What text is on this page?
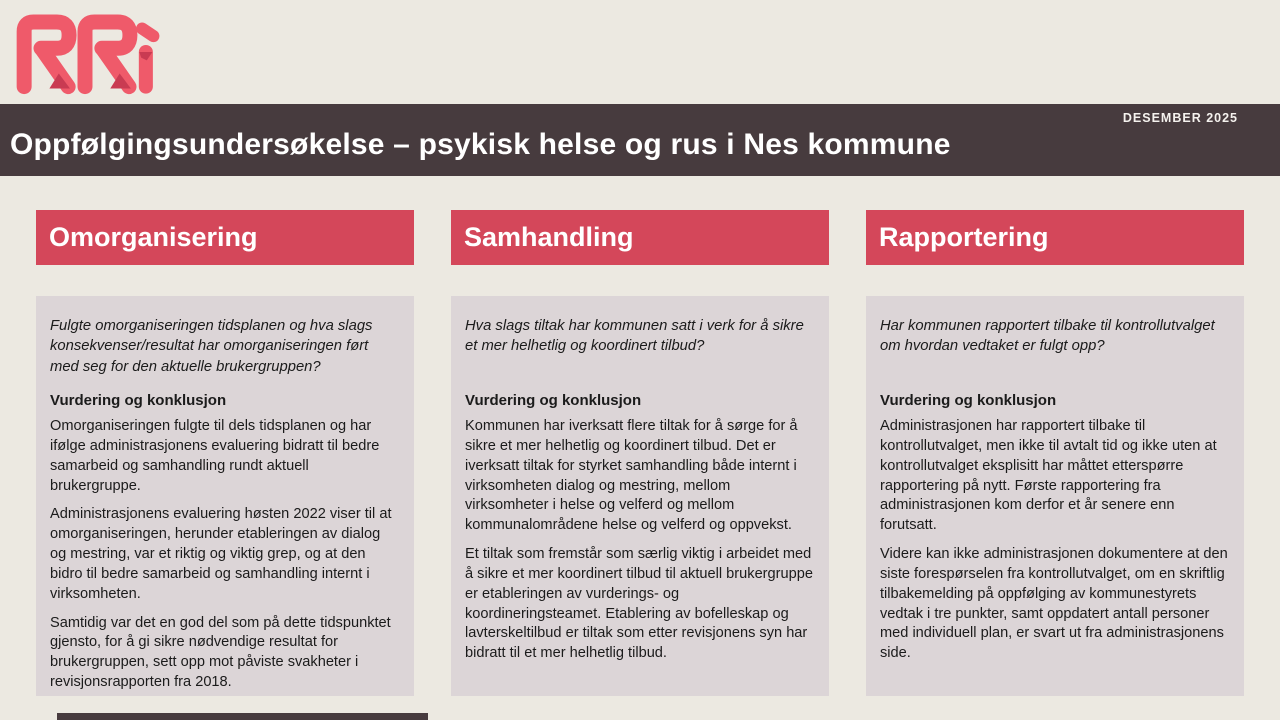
DESEMBER 2025
Oppfølgingsundersøkelse – psykisk helse og rus i Nes kommune
Omorganisering

Fulgte omorganiseringen tidsplanen og hva slags konsekvenser/resultat har omorganiseringen ført med seg for den aktuelle brukergruppen?

Vurdering og konklusjon

Omorganiseringen fulgte til dels tidsplanen og har ifølge administrasjonens evaluering bidratt til bedre samarbeid og samhandling rundt aktuell brukergruppe.

Administrasjonens evaluering høsten 2022 viser til at omorganiseringen, herunder etableringen av dialog og mestring, var et riktig og viktig grep, og at den bidro til bedre samarbeid og samhandling internt i virksomheten.

Samtidig var det en god del som på dette tidspunktet gjensto, for å gi sikre nødvendige resultat for brukergruppen, sett opp mot påviste svakheter i revisjonsrapporten fra 2018.

Samhandling

Hva slags tiltak har kommunen satt i verk for å sikre et mer helhetlig og koordinert tilbud?

Vurdering og konklusjon

Kommunen har iverksatt flere tiltak for å sørge for å sikre et mer helhetlig og koordinert tilbud. Det er iverksatt tiltak for styrket samhandling både internt i virksomheten dialog og mestring, mellom virksomheter i helse og velferd og mellom kommunalområdene helse og velferd og oppvekst.

Et tiltak som fremstår som særlig viktig i arbeidet med å sikre et mer koordinert tilbud til aktuell brukergruppe er etableringen av vurderings- og koordineringsteamet. Etablering av bofelleskap og lavterskeltilbud er tiltak som etter revisjonens syn har bidratt til et mer helhetlig tilbud.

Rapportering

Har kommunen rapportert tilbake til kontrollutvalget om hvordan vedtaket er fulgt opp?

Vurdering og konklusjon

Administrasjonen har rapportert tilbake til kontrollutvalget, men ikke til avtalt tid og ikke uten at kontrollutvalget eksplisitt har måttet etterspørre rapportering på nytt. Første rapportering fra administrasjonen kom derfor et år senere enn forutsatt.

Videre kan ikke administrasjonen dokumentere at den siste forespørselen fra kontrollutvalget, om en skriftlig tilbakemelding på oppfølging av kommunestyrets vedtak i tre punkter, samt oppdatert antall personer med individuell plan, er svart ut fra administrasjonens side.
